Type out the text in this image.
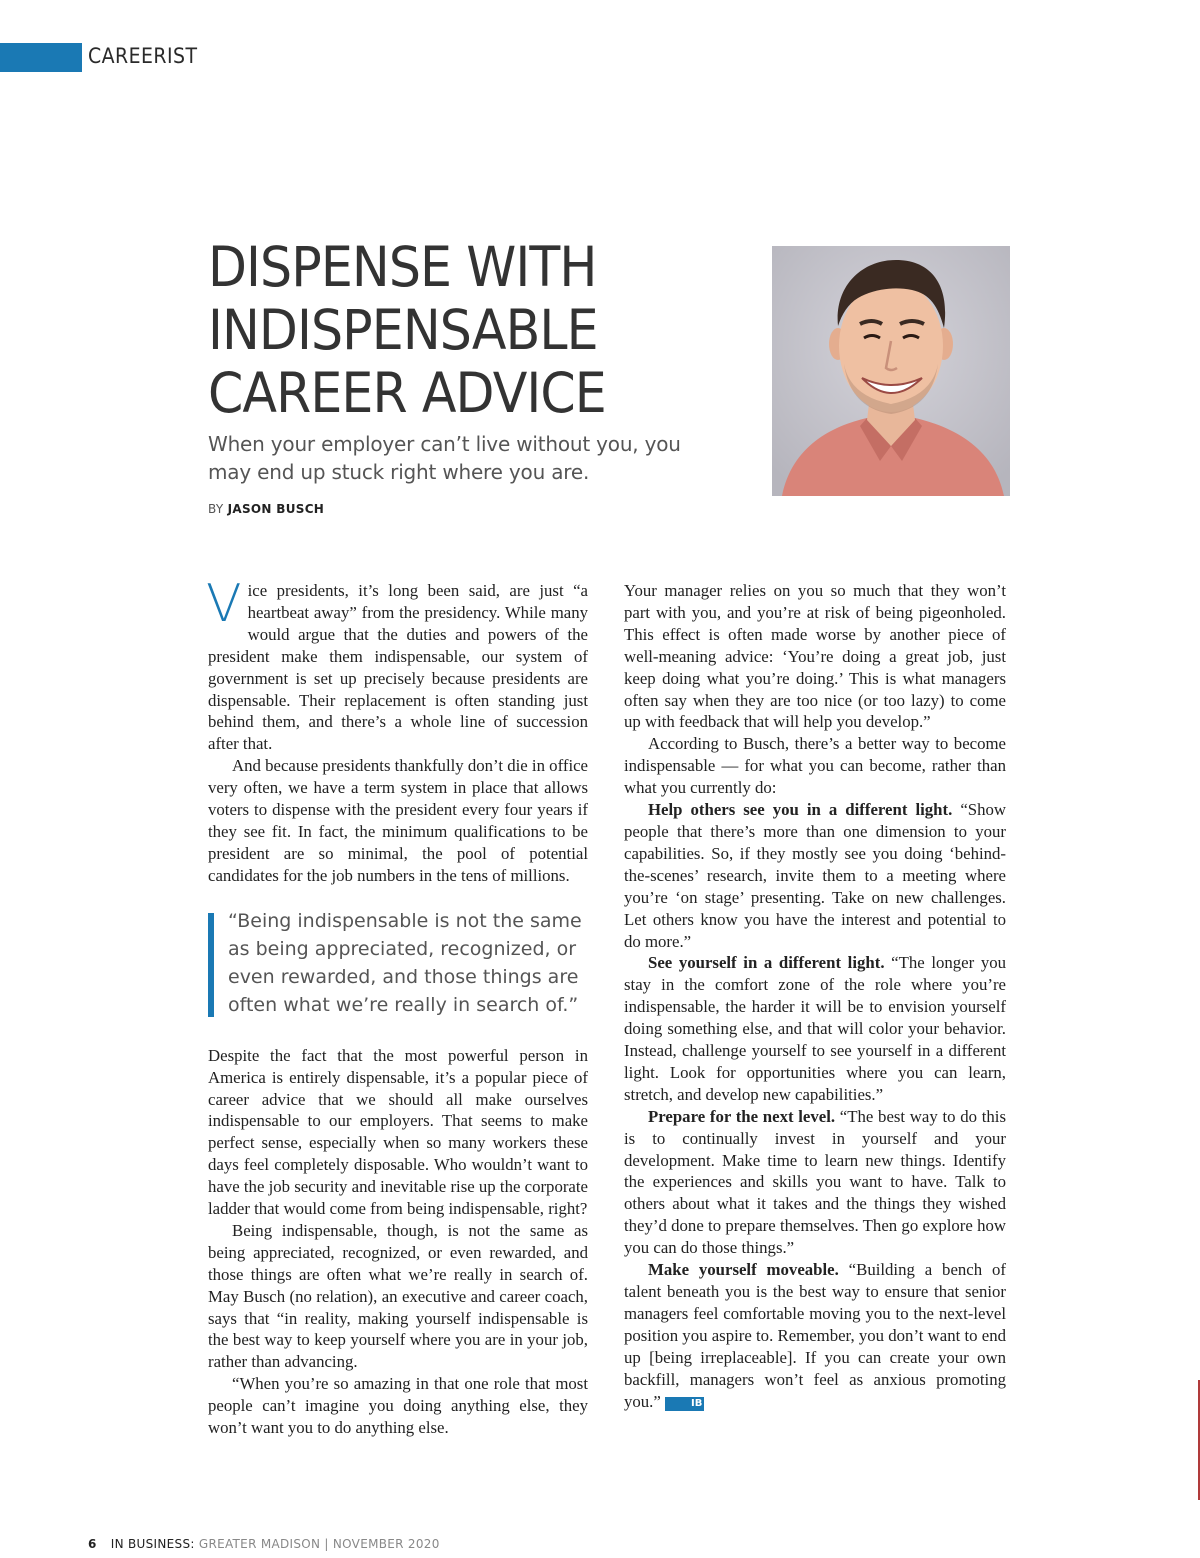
CAREERIST
DISPENSE WITH
INDISPENSABLE
CAREER ADVICE
When your employer can’t live without you, you may end up stuck right where you are.
BY JASON BUSCH

Vice presidents, it’s long been said, are just “a heartbeat away” from the presidency. While many would argue that the duties and powers of the president make them indispensable, our system of government is set up precisely because presidents are dispensable. Their replacement is often standing just behind them, and there’s a whole line of succession after that.

And because presidents thankfully don’t die in office very often, we have a term system in place that allows voters to dispense with the president every four years if they see fit. In fact, the minimum qualifications to be president are so minimal, the pool of potential candidates for the job numbers in the tens of millions.

“Being indispensable is not the same as being appreciated, recognized, or even rewarded, and those things are often what we’re really in search of.”

Despite the fact that the most powerful person in America is entirely dispensable, it’s a popular piece of career advice that we should all make ourselves indispensable to our employers. That seems to make perfect sense, especially when so many workers these days feel completely disposable. Who wouldn’t want to have the job security and inevitable rise up the corporate ladder that would come from being indispensable, right?

Being indispensable, though, is not the same as being appreciated, recognized, or even rewarded, and those things are often what we’re really in search of. May Busch (no relation), an executive and career coach, says that “in reality, making yourself indispensable is the best way to keep yourself where you are in your job, rather than advancing.

“When you’re so amazing in that one role that most people can’t imagine you doing anything else, they won’t want you to do anything else.

Your manager relies on you so much that they won’t part with you, and you’re at risk of being pigeonholed. This effect is often made worse by another piece of well-meaning advice: ‘You’re doing a great job, just keep doing what you’re doing.’ This is what managers often say when they are too nice (or too lazy) to come up with feedback that will help you develop.”

According to Busch, there’s a better way to become indispensable — for what you can become, rather than what you currently do:

Help others see you in a different light. “Show people that there’s more than one dimension to your capabilities. So, if they mostly see you doing ‘behind-the-scenes’ research, invite them to a meeting where you’re ‘on stage’ presenting. Take on new challenges. Let others know you have the interest and potential to do more.”

See yourself in a different light. “The longer you stay in the comfort zone of the role where you’re indispensable, the harder it will be to envision yourself doing something else, and that will color your behavior. Instead, challenge yourself to see yourself in a different light. Look for opportunities where you can learn, stretch, and develop new capabilities.”

Prepare for the next level. “The best way to do this is to continually invest in yourself and your development. Make time to learn new things. Identify the experiences and skills you want to have. Talk to others about what it takes and the things they wished they’d done to prepare themselves. Then go explore how you can do those things.”

Make yourself moveable. “Building a bench of talent beneath you is the best way to ensure that senior managers feel comfortable moving you to the next-level position you aspire to. Remember, you don’t want to end up [being irreplaceable]. If you can create your own backfill, managers won’t feel as anxious promoting you.”	IB

6 IN BUSINESS: GREATER MADISON | NOVEMBER 2020
